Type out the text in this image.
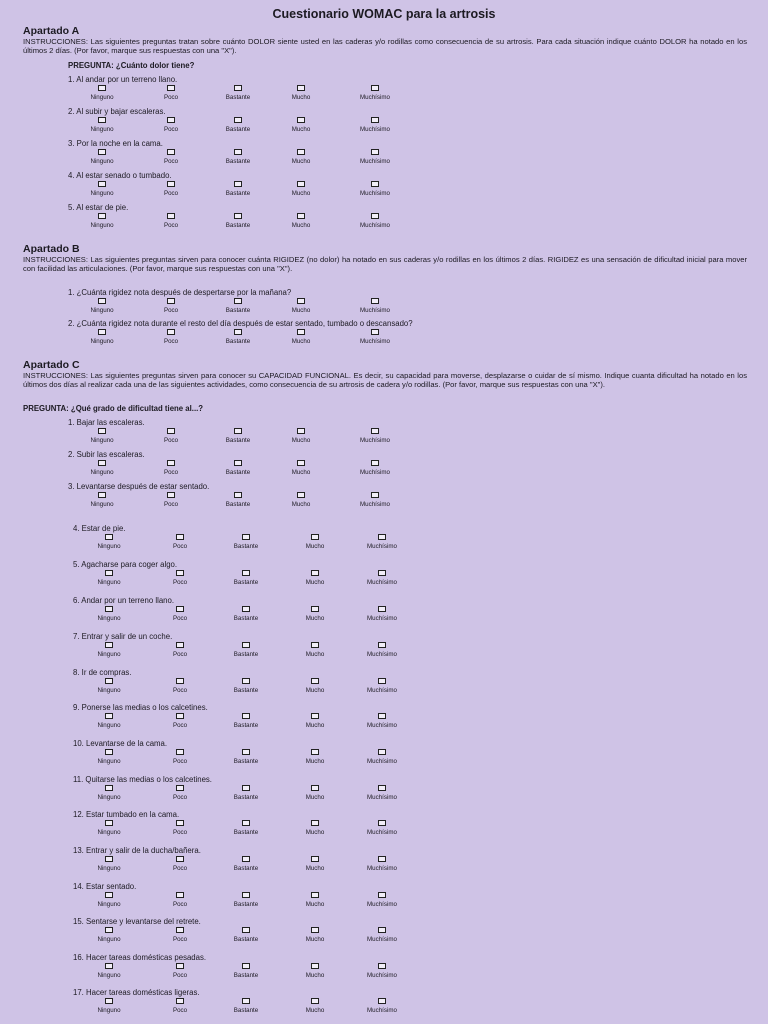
Cuestionario WOMAC para la artrosis
Apartado A
INSTRUCCIONES: Las siguientes preguntas tratan sobre cuánto DOLOR siente usted en las caderas y/o rodillas como consecuencia de su artrosis. Para cada situación indique cuánto DOLOR ha notado en los últimos 2 días. (Por favor, marque sus respuestas con una "X").
PREGUNTA: ¿Cuánto dolor tiene?
Apartado B
INSTRUCCIONES: Las siguientes preguntas sirven para conocer cuánta RIGIDEZ (no dolor) ha notado en sus caderas y/o rodillas en los últimos 2 días. RIGIDEZ es una sensación de dificultad inicial para mover con facilidad las articulaciones. (Por favor, marque sus respuestas con una "X").
Apartado C
INSTRUCCIONES: Las siguientes preguntas sirven para conocer su CAPACIDAD FUNCIONAL. Es decir, su capacidad para moverse, desplazarse o cuidar de sí mismo. Indique cuanta dificultad ha notado en los últimos dos días al realizar cada una de las siguientes actividades, como consecuencia de su artrosis de cadera y/o rodillas. (Por favor, marque sus respuestas con una "X").
PREGUNTA: ¿Qué grado de dificultad tiene al...?
1. Al andar por un terreno llano.
Ninguno	Poco	Bastante	Mucho	Muchísimo
2. Al subir y bajar escaleras.
Ninguno	Poco	Bastante	Mucho	Muchísimo
3. Por la noche en la cama.
Ninguno	Poco	Bastante	Mucho	Muchísimo
4. Al estar senado o tumbado.
Ninguno	Poco	Bastante	Mucho	Muchísimo
5. Al estar de pie.
Ninguno	Poco	Bastante	Mucho	Muchísimo
1. ¿Cuánta rigidez nota después de despertarse por la mañana?
Ninguno	Poco	Bastante	Mucho	Muchísimo
2. ¿Cuánta rigidez nota durante el resto del día después de estar sentado, tumbado o descansado?
Ninguno	Poco	Bastante	Mucho	Muchísimo
1. Bajar las escaleras.
Ninguno	Poco	Bastante	Mucho	Muchísimo
2. Subir las escaleras.
Ninguno	Poco	Bastante	Mucho	Muchísimo
3. Levantarse después de estar sentado.
Ninguno	Poco	Bastante	Mucho	Muchísimo
4. Estar de pie.
Ninguno	Poco	Bastante	Mucho	Muchísimo
5. Agacharse para coger algo.
Ninguno	Poco	Bastante	Mucho	Muchísimo
6. Andar por un terreno llano.
Ninguno	Poco	Bastante	Mucho	Muchísimo
7. Entrar y salir de un coche.
Ninguno	Poco	Bastante	Mucho	Muchísimo
8. Ir de compras.
Ninguno	Poco	Bastante	Mucho	Muchísimo
9. Ponerse las medias o los calcetines.
Ninguno	Poco	Bastante	Mucho	Muchísimo
10. Levantarse de la cama.
Ninguno	Poco	Bastante	Mucho	Muchísimo
11. Quitarse las medias o los calcetines.
Ninguno	Poco	Bastante	Mucho	Muchísimo
12. Estar tumbado en la cama.
Ninguno	Poco	Bastante	Mucho	Muchísimo
13. Entrar y salir de la ducha/bañera.
Ninguno	Poco	Bastante	Mucho	Muchísimo
14. Estar sentado.
Ninguno	Poco	Bastante	Mucho	Muchísimo
15. Sentarse y levantarse del retrete.
Ninguno	Poco	Bastante	Mucho	Muchísimo
16. Hacer tareas domésticas pesadas.
Ninguno	Poco	Bastante	Mucho	Muchísimo
17. Hacer tareas domésticas ligeras.
Ninguno	Poco	Bastante	Mucho	Muchísimo
